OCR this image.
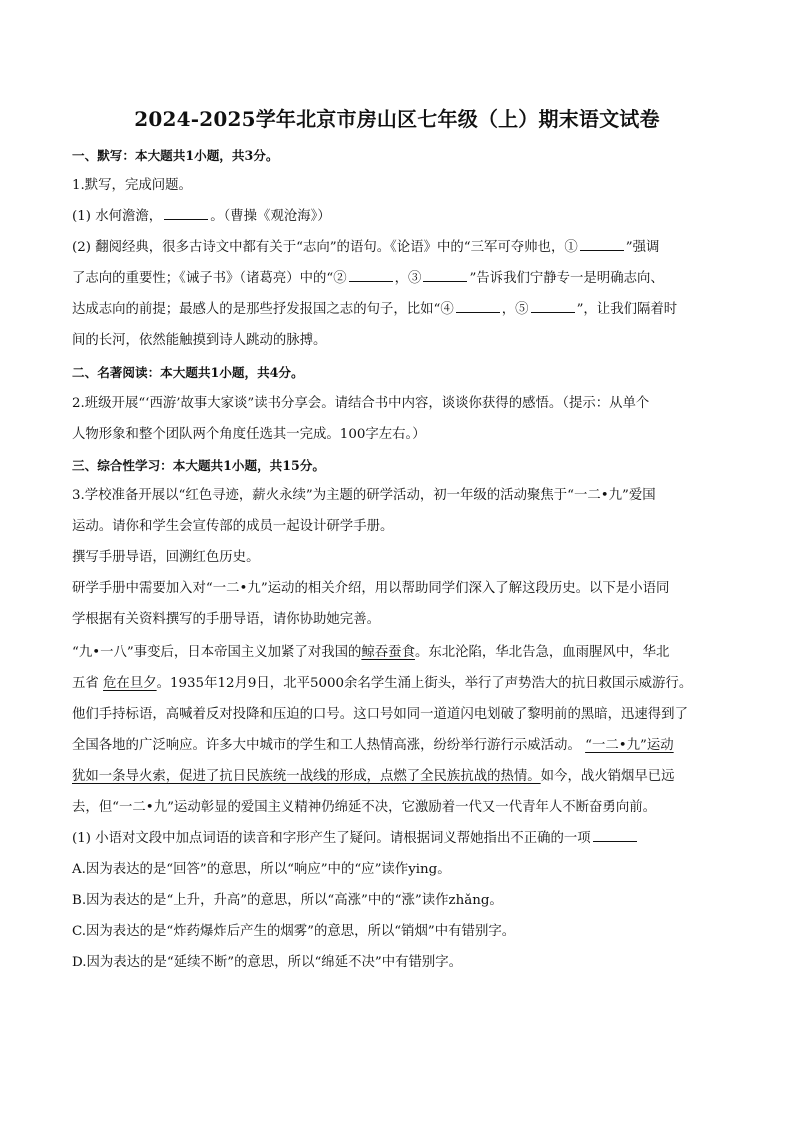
2024-2025学年北京市房山区七年级（上）期末语文试卷
一、默写：本大题共1小题，共3分。
1.默写，完成问题。
(1) 水何澹澹，	。（曹操《观沧海》）
(2) 翻阅经典，很多古诗文中都有关于“志向”的语句。《论语》中的“三军可夺帅也，①	”强调
了志向的重要性；《诫子书》（诸葛亮）中的“②	，③	”告诉我们宁静专一是明确志向、
达成志向的前提；最感人的是那些抒发报国之志的句子，比如“④	，⑤	”，让我们隔着时
间的长河，依然能触摸到诗人跳动的脉搏。
二、名著阅读：本大题共1小题，共4分。
2.班级开展“‘西游’故事大家谈”读书分享会。请结合书中内容，谈谈你获得的感悟。（提示：从单个
人物形象和整个团队两个角度任选其一完成。100字左右。）
三、综合性学习：本大题共1小题，共15分。
3.学校准备开展以“红色寻迹，薪火永续”为主题的研学活动，初一年级的活动聚焦于“一二•九”爱国
运动。请你和学生会宣传部的成员一起设计研学手册。
撰写手册导语，回溯红色历史。
研学手册中需要加入对“一二•九”运动的相关介绍，用以帮助同学们深入了解这段历史。以下是小语同
学根据有关资料撰写的手册导语，请你协助她完善。
“九•一八”事变后，日本帝国主义加紧了对我国的鲸吞蚕食。东北沦陷，华北告急，血雨腥风中，华北
五省 危在旦夕。1935年12月9日，北平5000余名学生涌上街头，举行了声势浩大的抗日救国示威游行。
他们手持标语，高喊着反对投降和压迫的口号。这口号如同一道道闪电划破了黎明前的黑暗，迅速得到了
全国各地的广泛响应。许多大中城市的学生和工人热情高涨，纷纷举行游行示威活动。 “一二•九”运动
犹如一条导火索，促进了抗日民族统一战线的形成，点燃了全民族抗战的热情。如今，战火销烟早已远
去，但“一二•九”运动彰显的爱国主义精神仍绵延不决，它激励着一代又一代青年人不断奋勇向前。
(1) 小语对文段中加点词语的读音和字形产生了疑问。请根据词义帮她指出不正确的一项
A.因为表达的是“回答”的意思，所以“响应”中的“应”读作ying。
B.因为表达的是“上升，升高”的意思，所以“高涨”中的“涨”读作zhǎng。
C.因为表达的是“炸药爆炸后产生的烟雾”的意思，所以“销烟”中有错别字。
D.因为表达的是“延续不断”的意思，所以“绵延不决”中有错别字。
